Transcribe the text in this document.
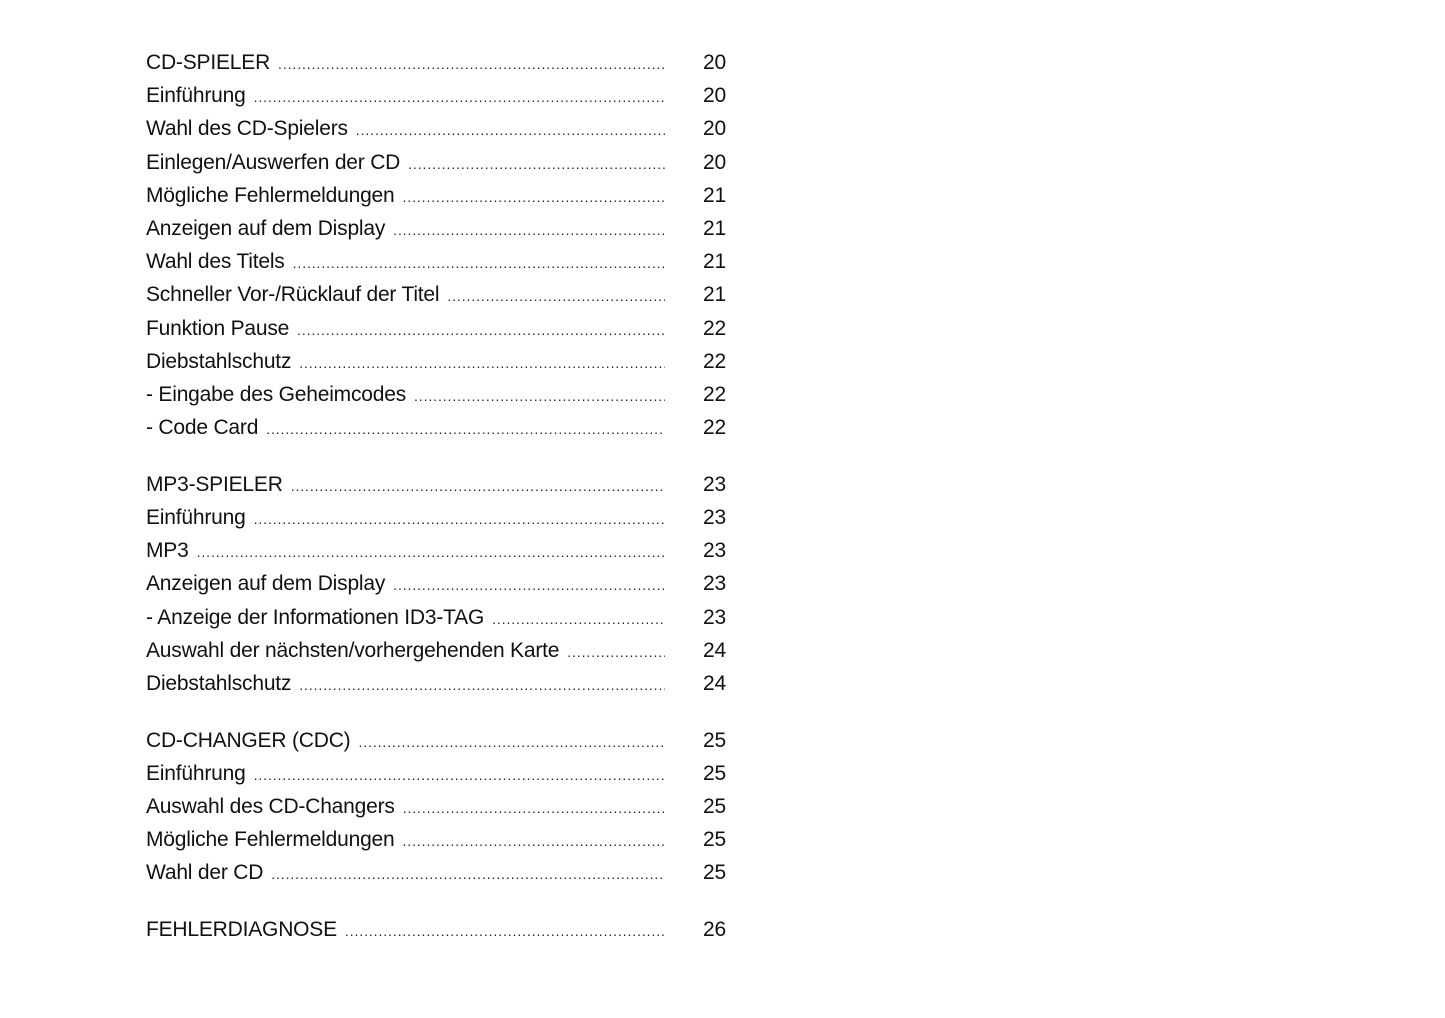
CD-SPIELER .....	20
Einführung .....	20
Wahl des CD-Spielers .....	20
Einlegen/Auswerfen der CD .....	20
Mögliche Fehlermeldungen .....	21
Anzeigen auf dem Display .....	21
Wahl des Titels .....	21
Schneller Vor-/Rücklauf der Titel .....	21
Funktion Pause .....	22
Diebstahlschutz .....	22
- Eingabe des Geheimcodes .....	22
- Code Card .....	22
MP3-SPIELER .....	23
Einführung .....	23
MP3 .....	23
Anzeigen auf dem Display .....	23
- Anzeige der Informationen ID3-TAG .....	23
Auswahl der nächsten/vorhergehenden Karte .....	24
Diebstahlschutz .....	24
CD-CHANGER (CDC) .....	25
Einführung .....	25
Auswahl des CD-Changers .....	25
Mögliche Fehlermeldungen .....	25
Wahl der CD .....	25
FEHLERDIAGNOSE .....	26
